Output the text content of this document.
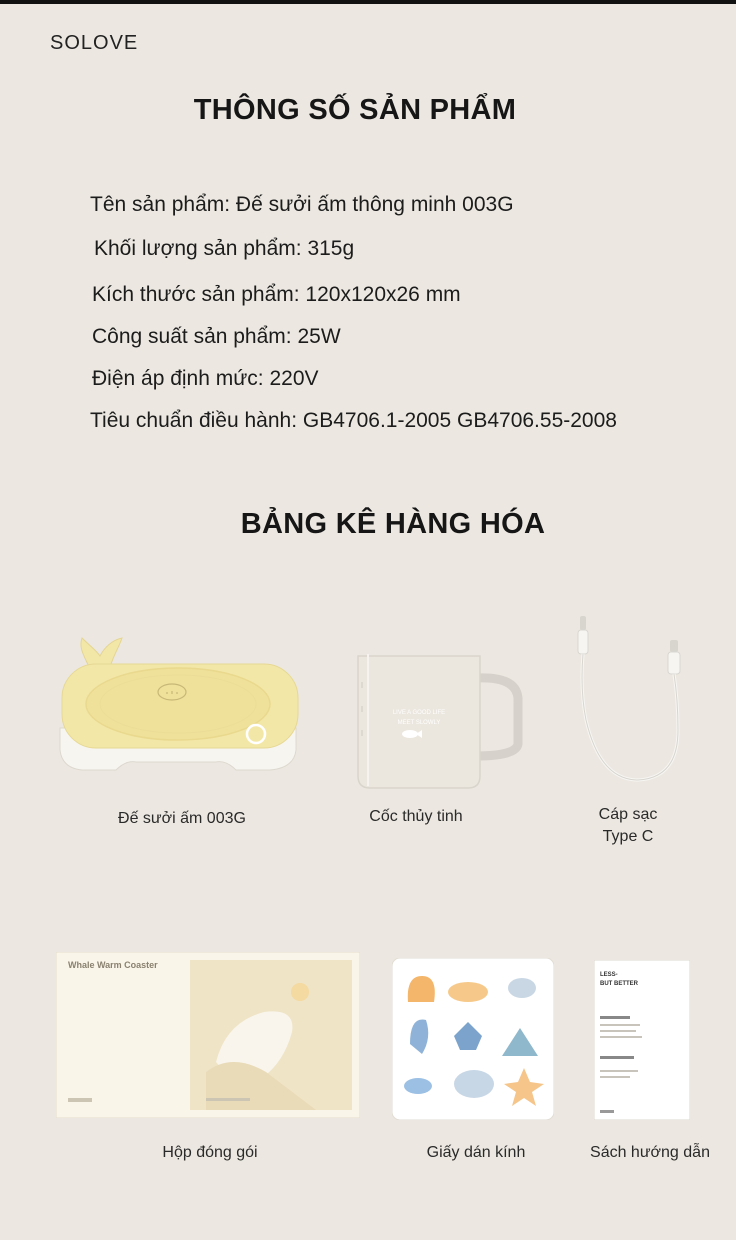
SOLOVE
THÔNG SỐ SẢN PHẨM
Tên sản phẩm: Đế sưởi ấm thông minh 003G
Khối lượng sản phẩm: 315g
Kích thước sản phẩm: 120x120x26 mm
Công suất sản phẩm: 25W
Điện áp định mức: 220V
Tiêu chuẩn điều hành: GB4706.1-2005 GB4706.55-2008
BẢNG KÊ HÀNG HÓA
Đế sưởi ấm 003G
LIVE A GOOD LIFE
MEET SLOWLY
Cốc thủy tinh	Cáp sạc
Type C
Whale Warm Coaster
Hộp đóng gói	Giấy dán kính
LESS-
BUT BETTER
Sách hướng dẫn
